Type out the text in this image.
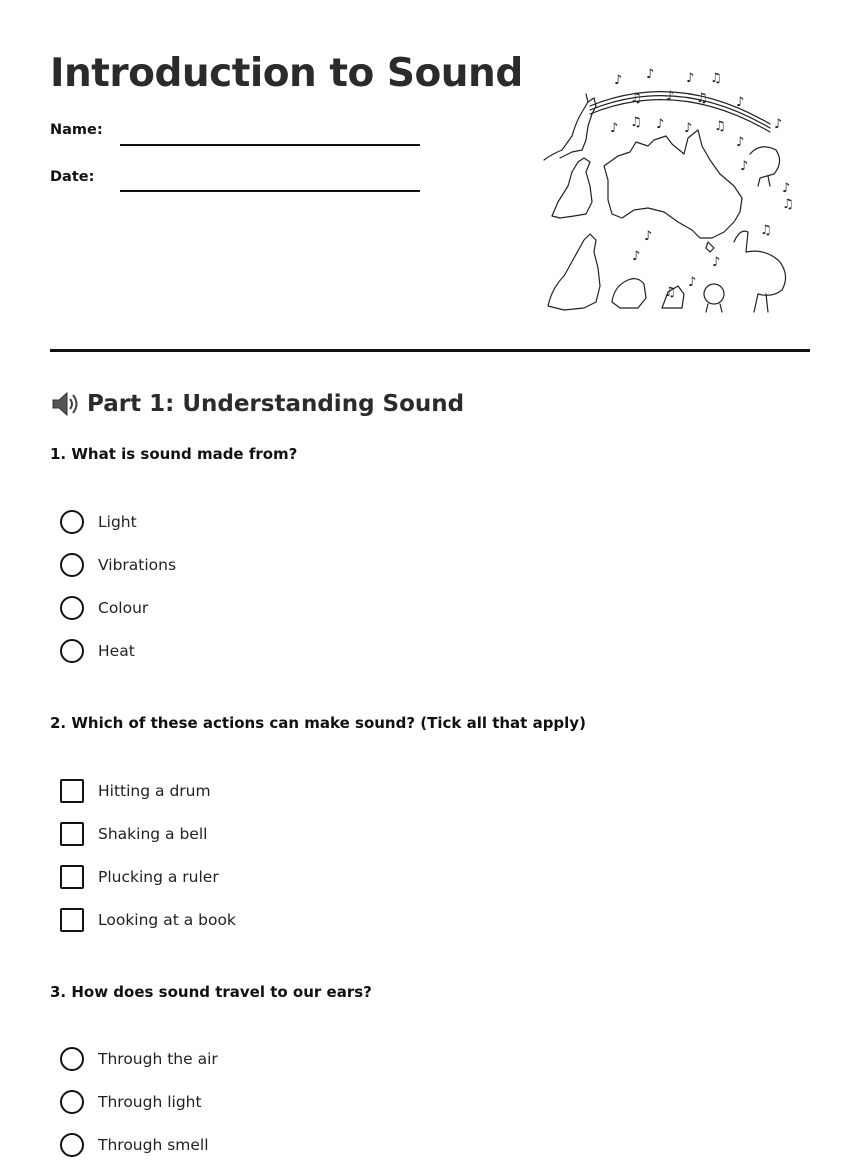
Introduction to Sound
Name:
Date:
♪ ♪ ♪ ♫
♫ ♪ ♫ ♪
♪ ♫ ♪ ♪ ♫	♪
♪
♪
♪
♫
♪
♪
♫
♪
♫
♪
Part 1: Understanding Sound
1. What is sound made from?
Light
Vibrations
Colour
Heat
2. Which of these actions can make sound? (Tick all that apply)
Hitting a drum
Shaking a bell
Plucking a ruler
Looking at a book
3. How does sound travel to our ears?
Through the air
Through light
Through smell
